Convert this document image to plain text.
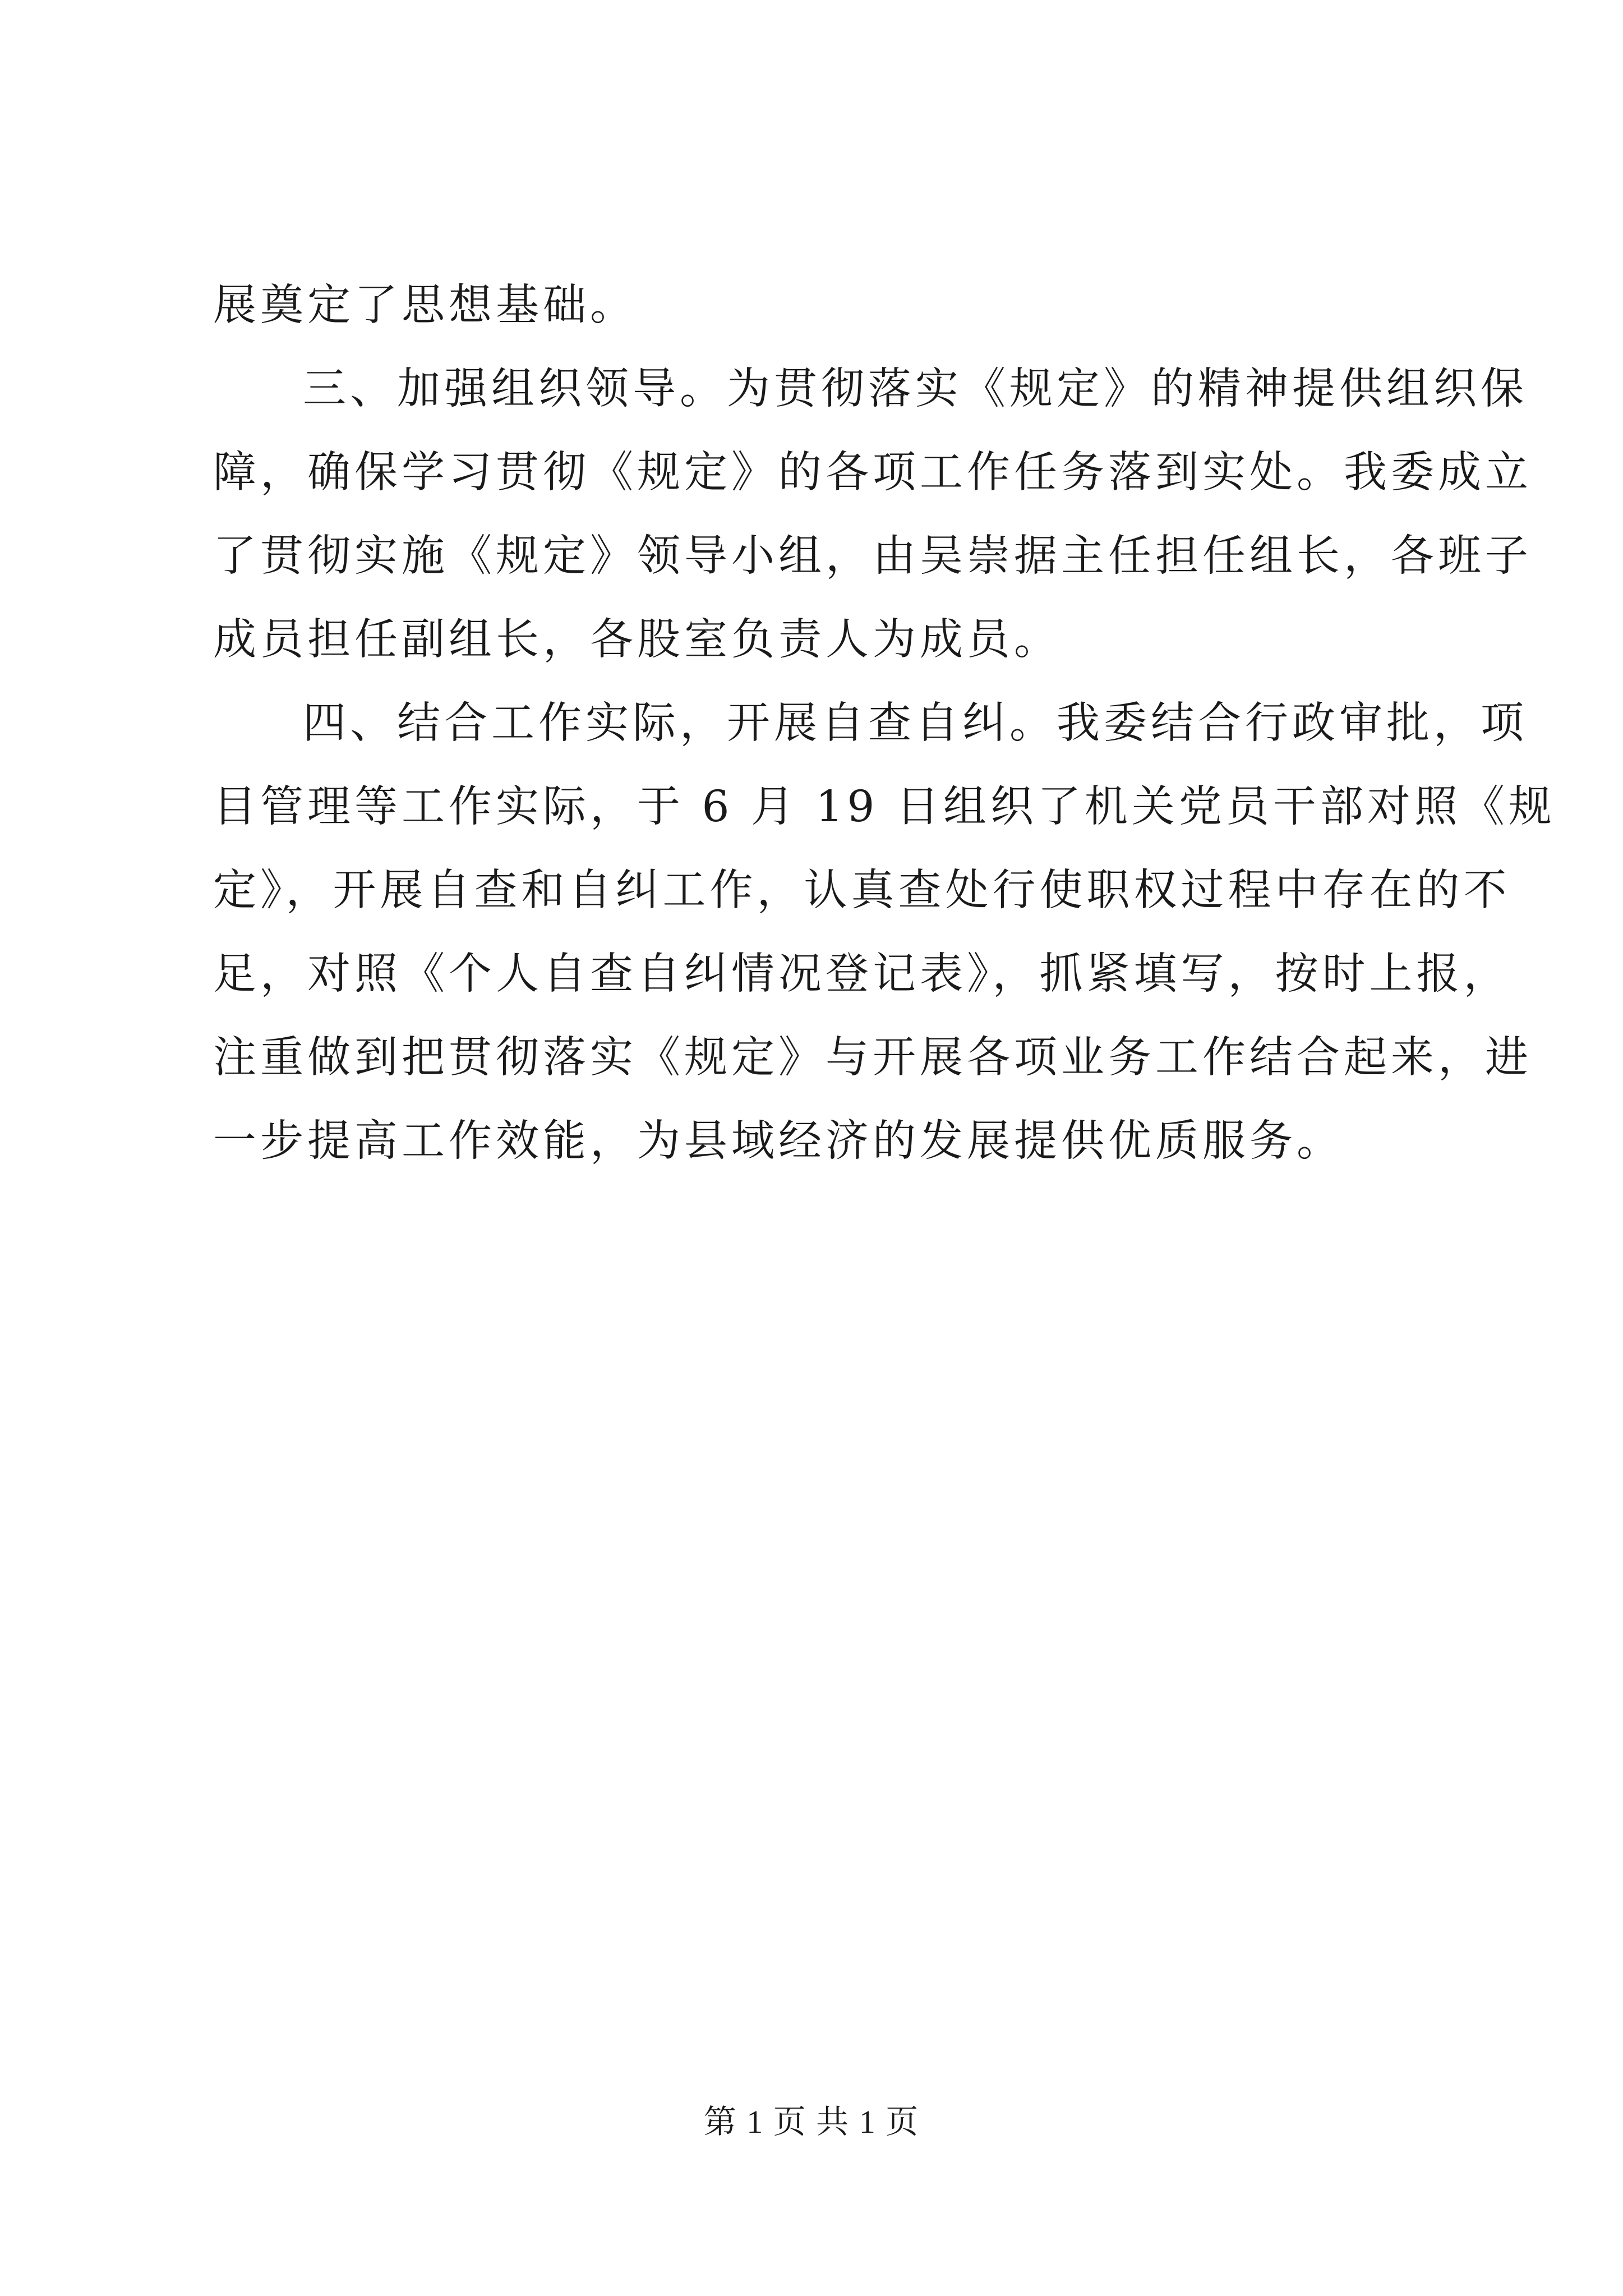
展奠定了思想基础。
三、加强组织领导。为贯彻落实《规定》的精神提供组织保
障，确保学习贯彻《规定》的各项工作任务落到实处。我委成立
了贯彻实施《规定》领导小组，由吴崇据主任担任组长，各班子
成员担任副组长，各股室负责人为成员。
四、结合工作实际，开展自查自纠。我委结合行政审批，项
目管理等工作实际，于 6 月 19 日组织了机关党员干部对照《规
定》，开展自查和自纠工作，认真查处行使职权过程中存在的不
足，对照《个人自查自纠情况登记表》，抓紧填写，按时上报，
注重做到把贯彻落实《规定》与开展各项业务工作结合起来，进
一步提高工作效能，为县域经济的发展提供优质服务。
第 1 页 共 1 页
